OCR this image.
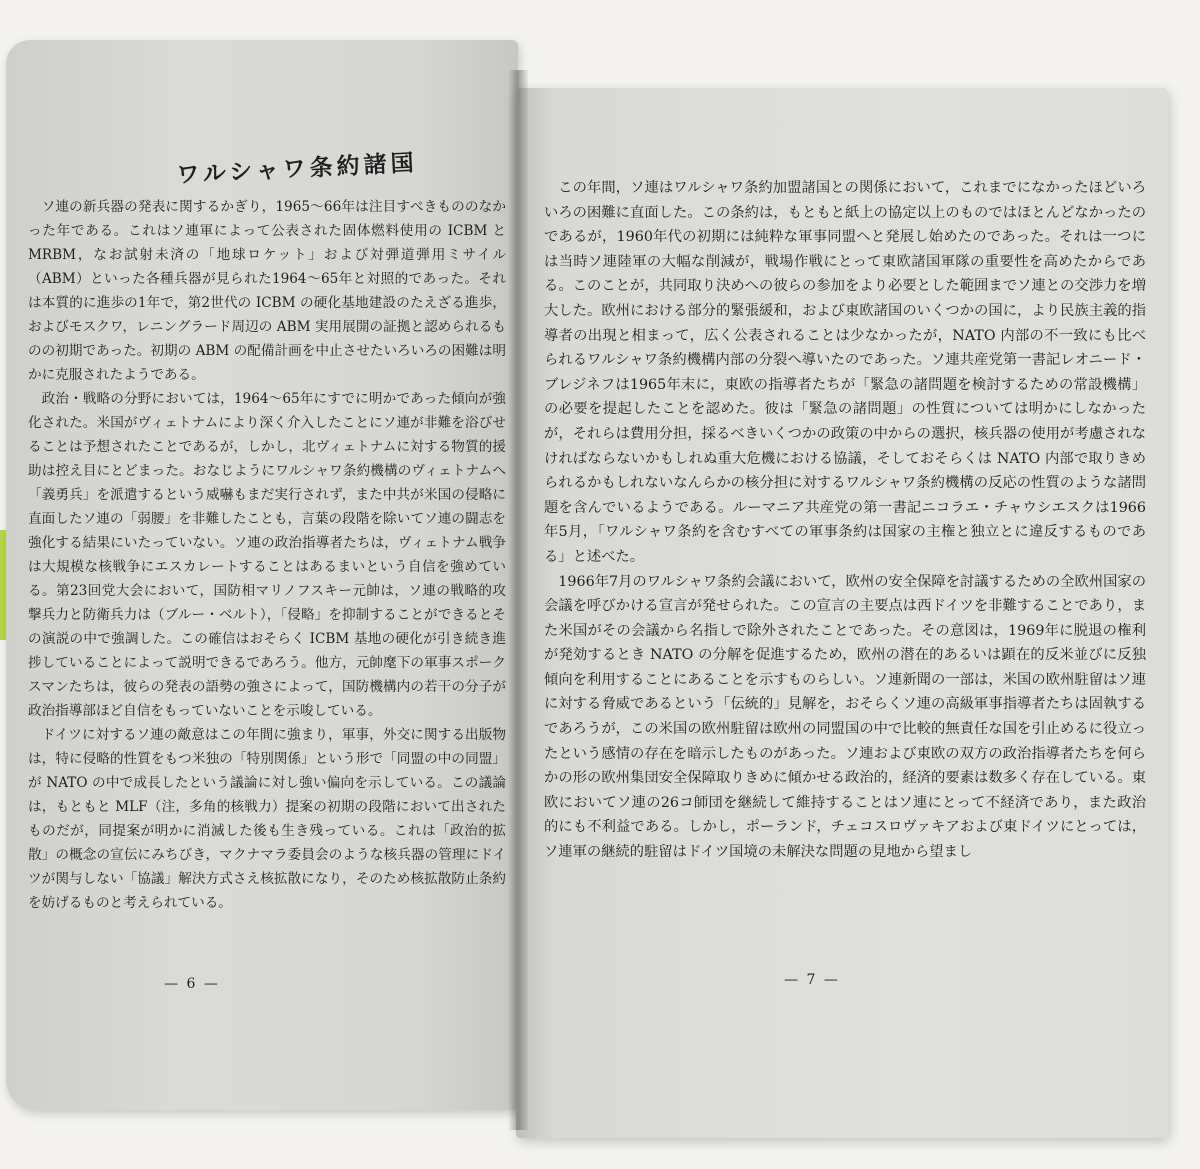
ワルシャワ条約諸国

ソ連の新兵器の発表に関するかぎり，1965〜66年は注目すべきもののなかった年である。これはソ連軍によって公表された固体燃料使用の ICBM と MRBM，なお試射未済の「地球ロケット」および対弾道弾用ミサイル（ABM）といった各種兵器が見られた1964〜65年と対照的であった。それは本質的に進歩の1年で，第2世代の ICBM の硬化基地建設のたえざる進歩，およびモスクワ，レニングラード周辺の ABM 実用展開の証拠と認められるものの初期であった。初期の ABM の配備計画を中止させたいろいろの困難は明かに克服されたようである。

政治・戦略の分野においては，1964〜65年にすでに明かであった傾向が強化された。米国がヴィェトナムにより深く介入したことにソ連が非難を浴びせることは予想されたことであるが，しかし，北ヴィェトナムに対する物質的援助は控え目にとどまった。おなじようにワルシャワ条約機構のヴィェトナムへ「義勇兵」を派遣するという威嚇もまだ実行されず，また中共が米国の侵略に直面したソ連の「弱腰」を非難したことも，言葉の段階を除いてソ連の闘志を強化する結果にいたっていない。ソ連の政治指導者たちは，ヴィェトナム戦争は大規模な核戦争にエスカレートすることはあるまいという自信を強めている。第23回党大会において，国防相マリノフスキー元帥は，ソ連の戦略的攻撃兵力と防衛兵力は（ブルー・ベルト），「侵略」を抑制することができるとその演説の中で強調した。この確信はおそらく ICBM 基地の硬化が引き続き進捗していることによって説明できるであろう。他方，元帥麾下の軍事スポークスマンたちは，彼らの発表の語勢の強さによって，国防機構内の若干の分子が政治指導部ほど自信をもっていないことを示唆している。

ドイツに対するソ連の敵意はこの年間に強まり，軍事，外交に関する出版物は，特に侵略的性質をもつ米独の「特別関係」という形で「同盟の中の同盟」が NATO の中で成長したという議論に対し強い偏向を示している。この議論は，もともと MLF（注，多角的核戦力）提案の初期の段階において出されたものだが，同提案が明かに消滅した後も生き残っている。これは「政治的拡散」の概念の宣伝にみちびき，マクナマラ委員会のような核兵器の管理にドイツが関与しない「協議」解決方式さえ核拡散になり，そのため核拡散防止条約を妨げるものと考えられている。

— 6 —

この年間，ソ連はワルシャワ条約加盟諸国との関係において，これまでになかったほどいろいろの困難に直面した。この条約は，もともと紙上の協定以上のものではほとんどなかったのであるが，1960年代の初期には純粋な軍事同盟へと発展し始めたのであった。それは一つには当時ソ連陸軍の大幅な削減が，戦場作戦にとって東欧諸国軍隊の重要性を高めたからである。このことが，共同取り決めへの彼らの参加をより必要とした範囲までソ連との交渉力を増大した。欧州における部分的緊張緩和，および東欧諸国のいくつかの国に，より民族主義的指導者の出現と相まって，広く公表されることは少なかったが，NATO 内部の不一致にも比べられるワルシャワ条約機構内部の分裂へ導いたのであった。ソ連共産党第一書記レオニード・ブレジネフは1965年末に，東欧の指導者たちが「緊急の諸問題を検討するための常設機構」の必要を提起したことを認めた。彼は「緊急の諸問題」の性質については明かにしなかったが，それらは費用分担，採るべきいくつかの政策の中からの選択，核兵器の使用が考慮されなければならないかもしれぬ重大危機における協議，そしておそらくは NATO 内部で取りきめられるかもしれないなんらかの核分担に対するワルシャワ条約機構の反応の性質のような諸問題を含んでいるようである。ルーマニア共産党の第一書記ニコラエ・チャウシエスクは1966年5月，「ワルシャワ条約を含むすべての軍事条約は国家の主権と独立とに違反するものである」と述べた。

1966年7月のワルシャワ条約会議において，欧州の安全保障を討議するための全欧州国家の会議を呼びかける宣言が発せられた。この宣言の主要点は西ドイツを非難することであり，また米国がその会議から名指しで除外されたことであった。その意図は，1969年に脱退の権利が発効するとき NATO の分解を促進するため，欧州の潜在的あるいは顕在的反米並びに反独傾向を利用することにあることを示すものらしい。ソ連新聞の一部は，米国の欧州駐留はソ連に対する脅威であるという「伝統的」見解を，おそらくソ連の高級軍事指導者たちは固執するであろうが，この米国の欧州駐留は欧州の同盟国の中で比較的無責任な国を引止めるに役立ったという感情の存在を暗示したものがあった。ソ連および東欧の双方の政治指導者たちを何らかの形の欧州集団安全保障取りきめに傾かせる政治的，経済的要素は数多く存在している。東欧においてソ連の26コ師団を継続して維持することはソ連にとって不経済であり，また政治的にも不利益である。しかし，ポーランド，チェコスロヴァキアおよび東ドイツにとっては，ソ連軍の継続的駐留はドイツ国境の未解決な問題の見地から望まし

— 7 —
